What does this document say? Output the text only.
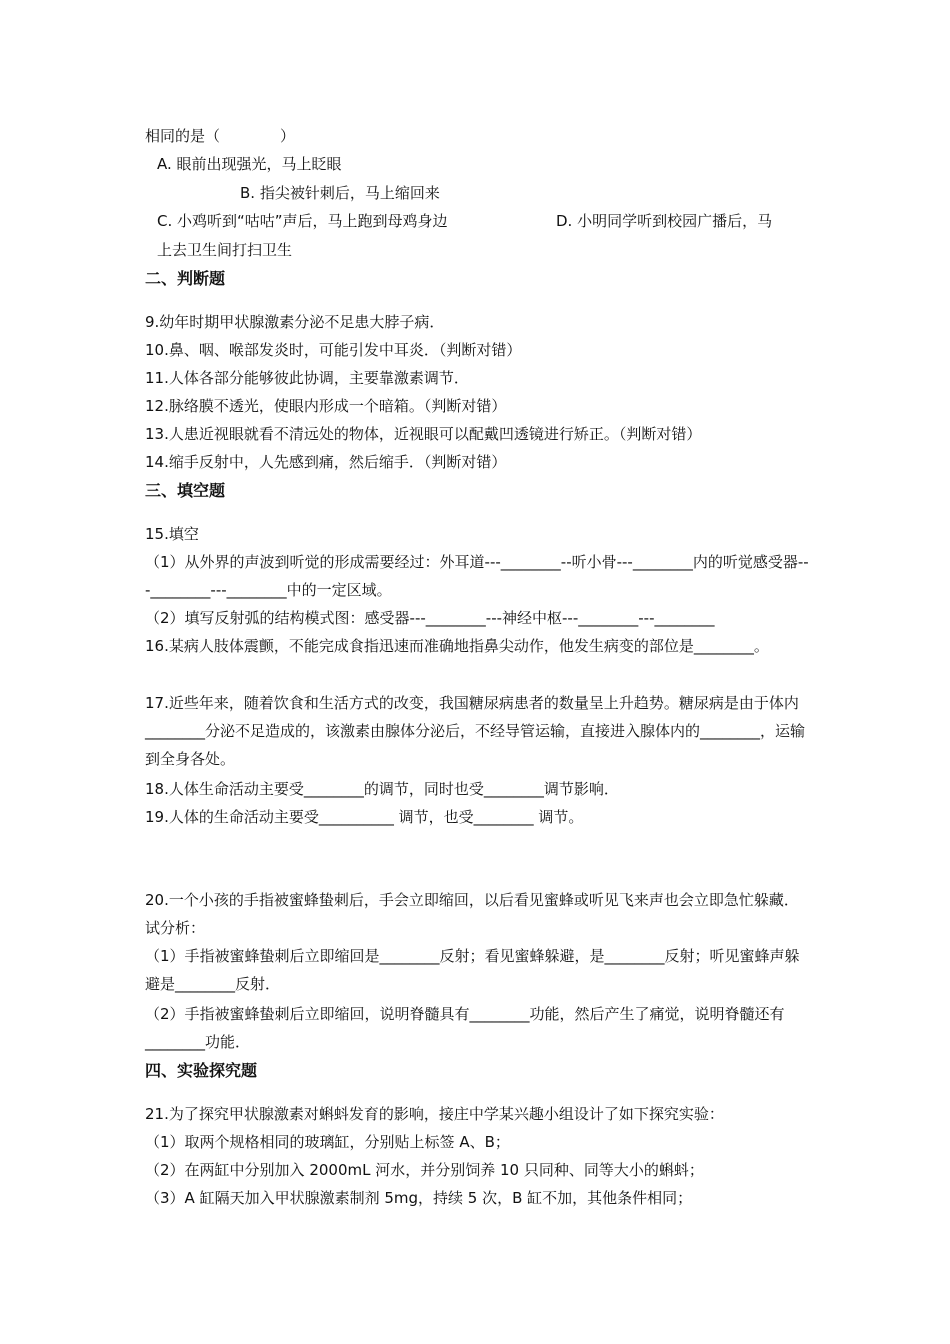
相同的是（　　　　）
A. 眼前出现强光，马上眨眼
B. 指尖被针刺后，马上缩回来
C. 小鸡听到“咕咕”声后，马上跑到母鸡身边	D. 小明同学听到校园广播后，马
上去卫生间打扫卫生
二、判断题
9.幼年时期甲状腺激素分泌不足患大脖子病．
10.鼻、咽、喉部发炎时，可能引发中耳炎．（判断对错）
11.人体各部分能够彼此协调，主要靠激素调节．
12.脉络膜不透光，使眼内形成一个暗箱。（判断对错）
13.人患近视眼就看不清远处的物体，近视眼可以配戴凹透镜进行矫正。（判断对错）
14.缩手反射中，人先感到痛，然后缩手．（判断对错）
三、填空题
15.填空
（1）从外界的声波到听觉的形成需要经过：外耳道---________--听小骨---________内的听觉感受器---________---________中的一定区域。
（2）填写反射弧的结构模式图：感受器---________---神经中枢---________---________
16.某病人肢体震颤，不能完成食指迅速而准确地指鼻尖动作，他发生病变的部位是________。
17.近些年来，随着饮食和生活方式的改变，我国糖尿病患者的数量呈上升趋势。糖尿病是由于体内________分泌不足造成的，该激素由腺体分泌后，不经导管运输，直接进入腺体内的________，运输到全身各处。
18.人体生命活动主要受________的调节，同时也受________调节影响．
19.人体的生命活动主要受__________ 调节，也受________ 调节。
20.一个小孩的手指被蜜蜂蛰刺后，手会立即缩回，以后看见蜜蜂或听见飞来声也会立即急忙躲藏．试分析：
（1）手指被蜜蜂蛰刺后立即缩回是________反射；看见蜜蜂躲避，是________反射；听见蜜蜂声躲避是________反射．
（2）手指被蜜蜂蛰刺后立即缩回，说明脊髓具有________功能，然后产生了痛觉，说明脊髓还有________功能．
四、实验探究题
21.为了探究甲状腺激素对蝌蚪发育的影响，接庄中学某兴趣小组设计了如下探究实验：
（1）取两个规格相同的玻璃缸，分别贴上标签 A、B；
（2）在两缸中分别加入 2000mL 河水，并分别饲养 10 只同种、同等大小的蝌蚪；
（3）A 缸隔天加入甲状腺激素制剂 5mg，持续 5 次，B 缸不加，其他条件相同；
